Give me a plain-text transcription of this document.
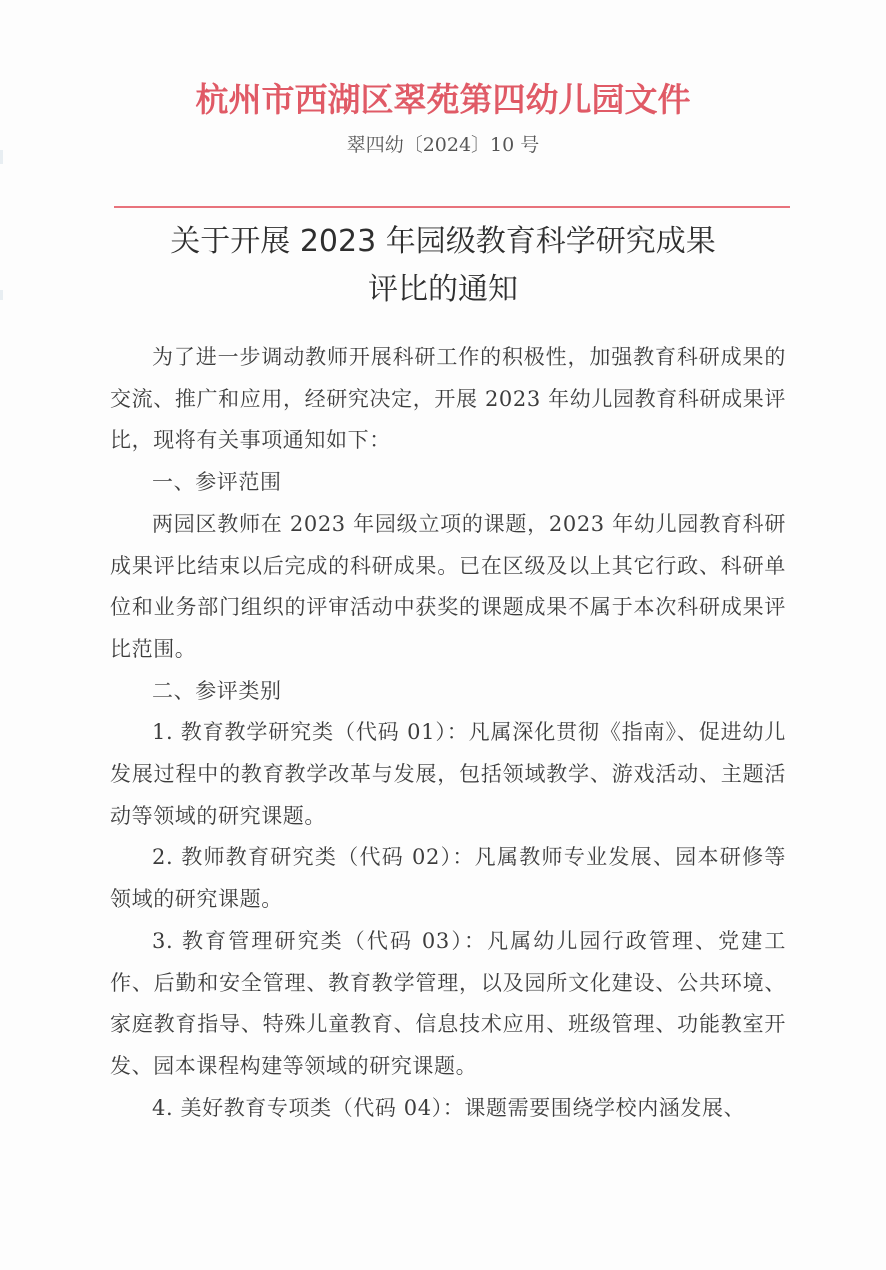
杭州市西湖区翠苑第四幼儿园文件
翠四幼〔2024〕10 号
关于开展 2023 年园级教育科学研究成果
评比的通知

为了进一步调动教师开展科研工作的积极性，加强教育科研成果的交流、推广和应用，经研究决定，开展 2023 年幼儿园教育科研成果评比，现将有关事项通知如下：

一、参评范围

两园区教师在 2023 年园级立项的课题，2023 年幼儿园教育科研成果评比结束以后完成的科研成果。已在区级及以上其它行政、科研单位和业务部门组织的评审活动中获奖的课题成果不属于本次科研成果评比范围。

二、参评类别

1. 教育教学研究类（代码 01）：凡属深化贯彻《指南》、促进幼儿发展过程中的教育教学改革与发展，包括领域教学、游戏活动、主题活动等领域的研究课题。

2. 教师教育研究类（代码 02）：凡属教师专业发展、园本研修等领域的研究课题。

3. 教育管理研究类（代码 03）：凡属幼儿园行政管理、党建工作、后勤和安全管理、教育教学管理，以及园所文化建设、公共环境、家庭教育指导、特殊儿童教育、信息技术应用、班级管理、功能教室开发、园本课程构建等领域的研究课题。

4. 美好教育专项类（代码 04）：课题需要围绕学校内涵发展、
